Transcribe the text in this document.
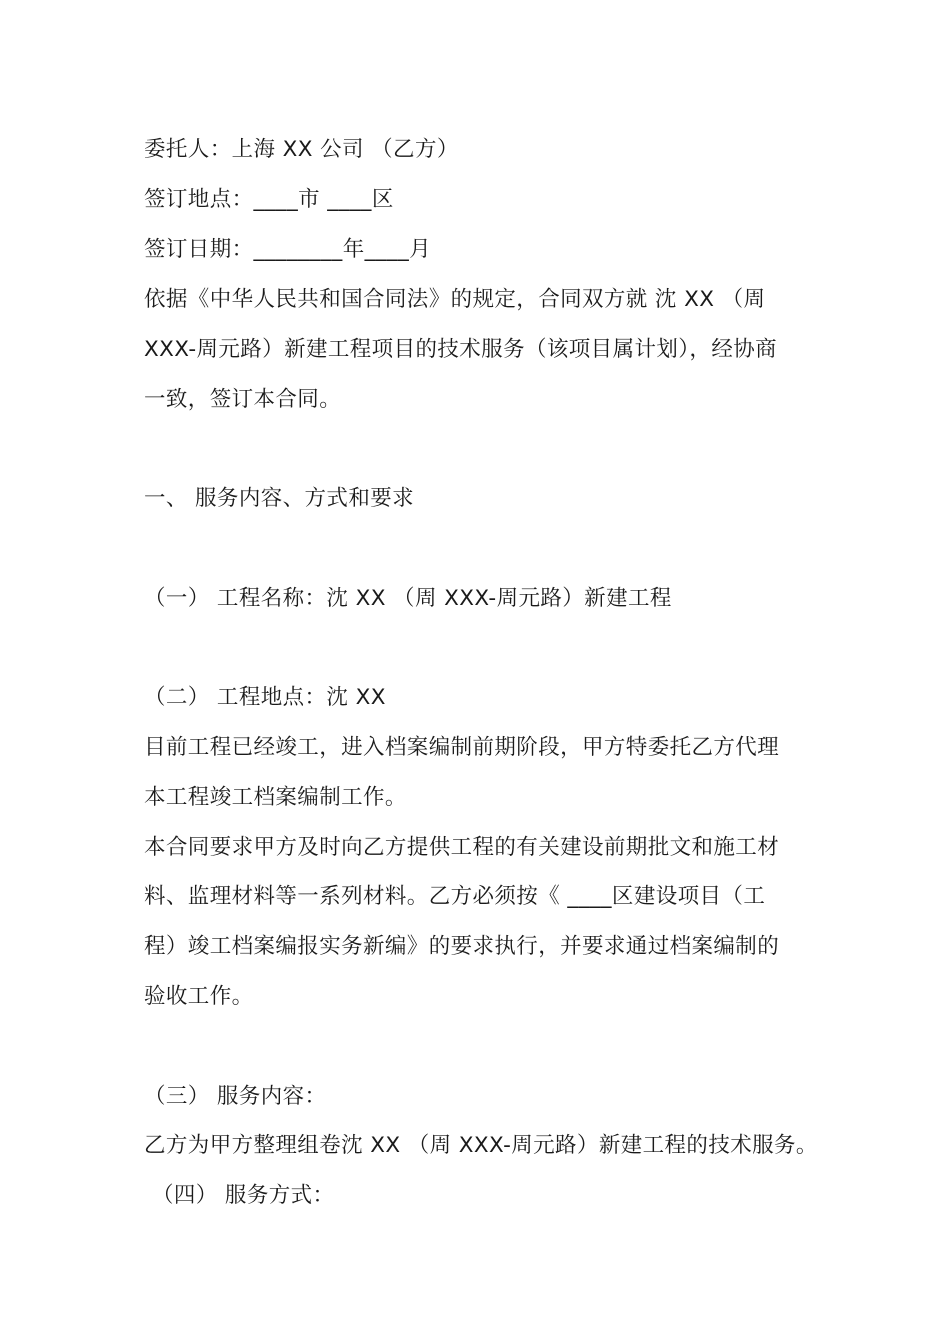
委托人：上海 XX 公司 （乙方）
签订地点：____市 ____区
签订日期：________年____月
依据《中华人民共和国合同法》的规定，合同双方就 沈 XX （周
XXX-周元路）新建工程项目的技术服务（该项目属计划），经协商
一致，签订本合同。
一、 服务内容、方式和要求
（一） 工程名称：沈 XX （周 XXX-周元路）新建工程
（二） 工程地点：沈 XX
目前工程已经竣工，进入档案编制前期阶段，甲方特委托乙方代理
本工程竣工档案编制工作。
本合同要求甲方及时向乙方提供工程的有关建设前期批文和施工材
料、监理材料等一系列材料。乙方必须按《 ____区建设项目（工
程）竣工档案编报实务新编》的要求执行，并要求通过档案编制的
验收工作。
（三） 服务内容：
乙方为甲方整理组卷沈 XX （周 XXX-周元路）新建工程的技术服务。
（四） 服务方式：
